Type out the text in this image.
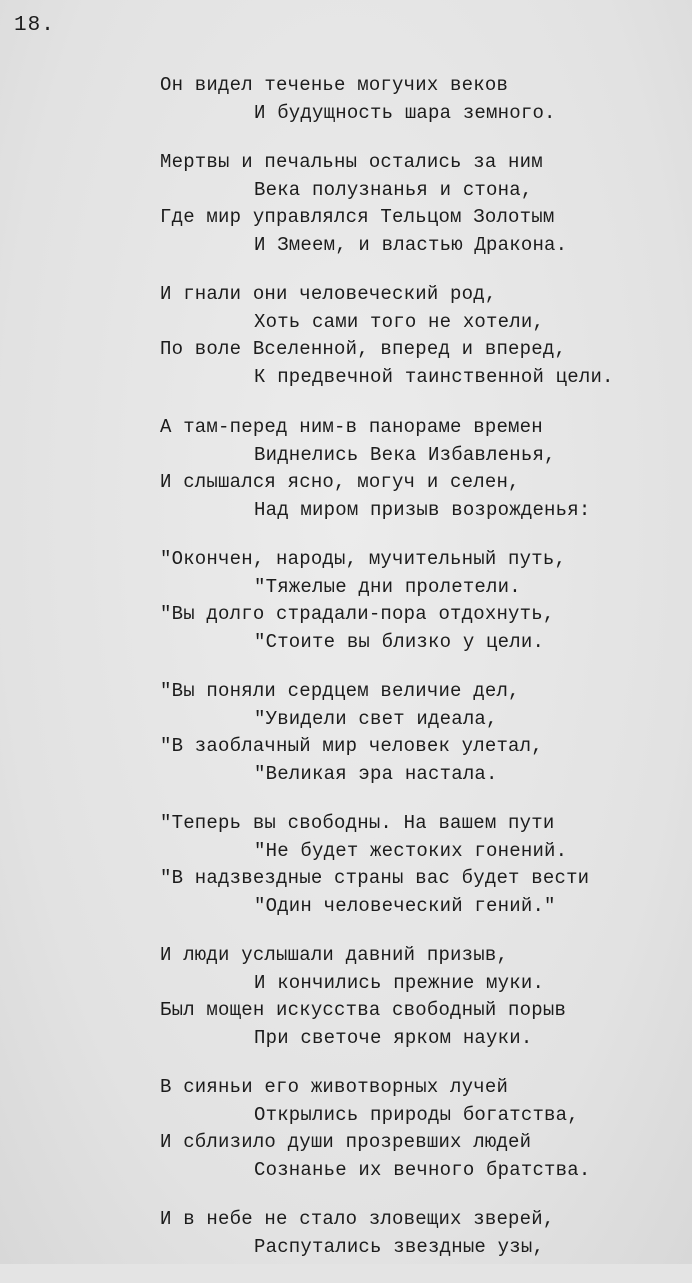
18.
Он видел теченье могучих веков
И будущность шара земного.
Мертвы и печальны остались за ним
Века полузнанья и стона,
Где мир управлялся Тельцом Золотым
И Змеем, и властью Дракона.
И гнали они человеческий род,
Хоть сами того не хотели,
По воле Вселенной, вперед и вперед,
К предвечной таинственной цели.
А там-перед ним-в панораме времен
Виднелись Века Избавленья,
И слышался ясно, могуч и селен,
Над миром призыв возрожденья:
"Окончен, народы, мучительный путь,
"Тяжелые дни пролетели.
"Вы долго страдали-пора отдохнуть,
"Стоите вы близко у цели.
"Вы поняли сердцем величие дел,
"Увидели свет идеала,
"В заоблачный мир человек улетал,
"Великая эра настала.
"Теперь вы свободны. На вашем пути
"Не будет жестоких гонений.
"В надзвездные страны вас будет вести
"Один человеческий гений."
И люди услышали давний призыв,
И кончились прежние муки.
Был мощен искусства свободный порыв
При светоче ярком науки.
В сияньи его животворных лучей
Открылись природы богатства,
И сблизило души прозревших людей
Сознанье их вечного братства.
И в небе не стало зловещих зверей,
Распутались звездные узы,
